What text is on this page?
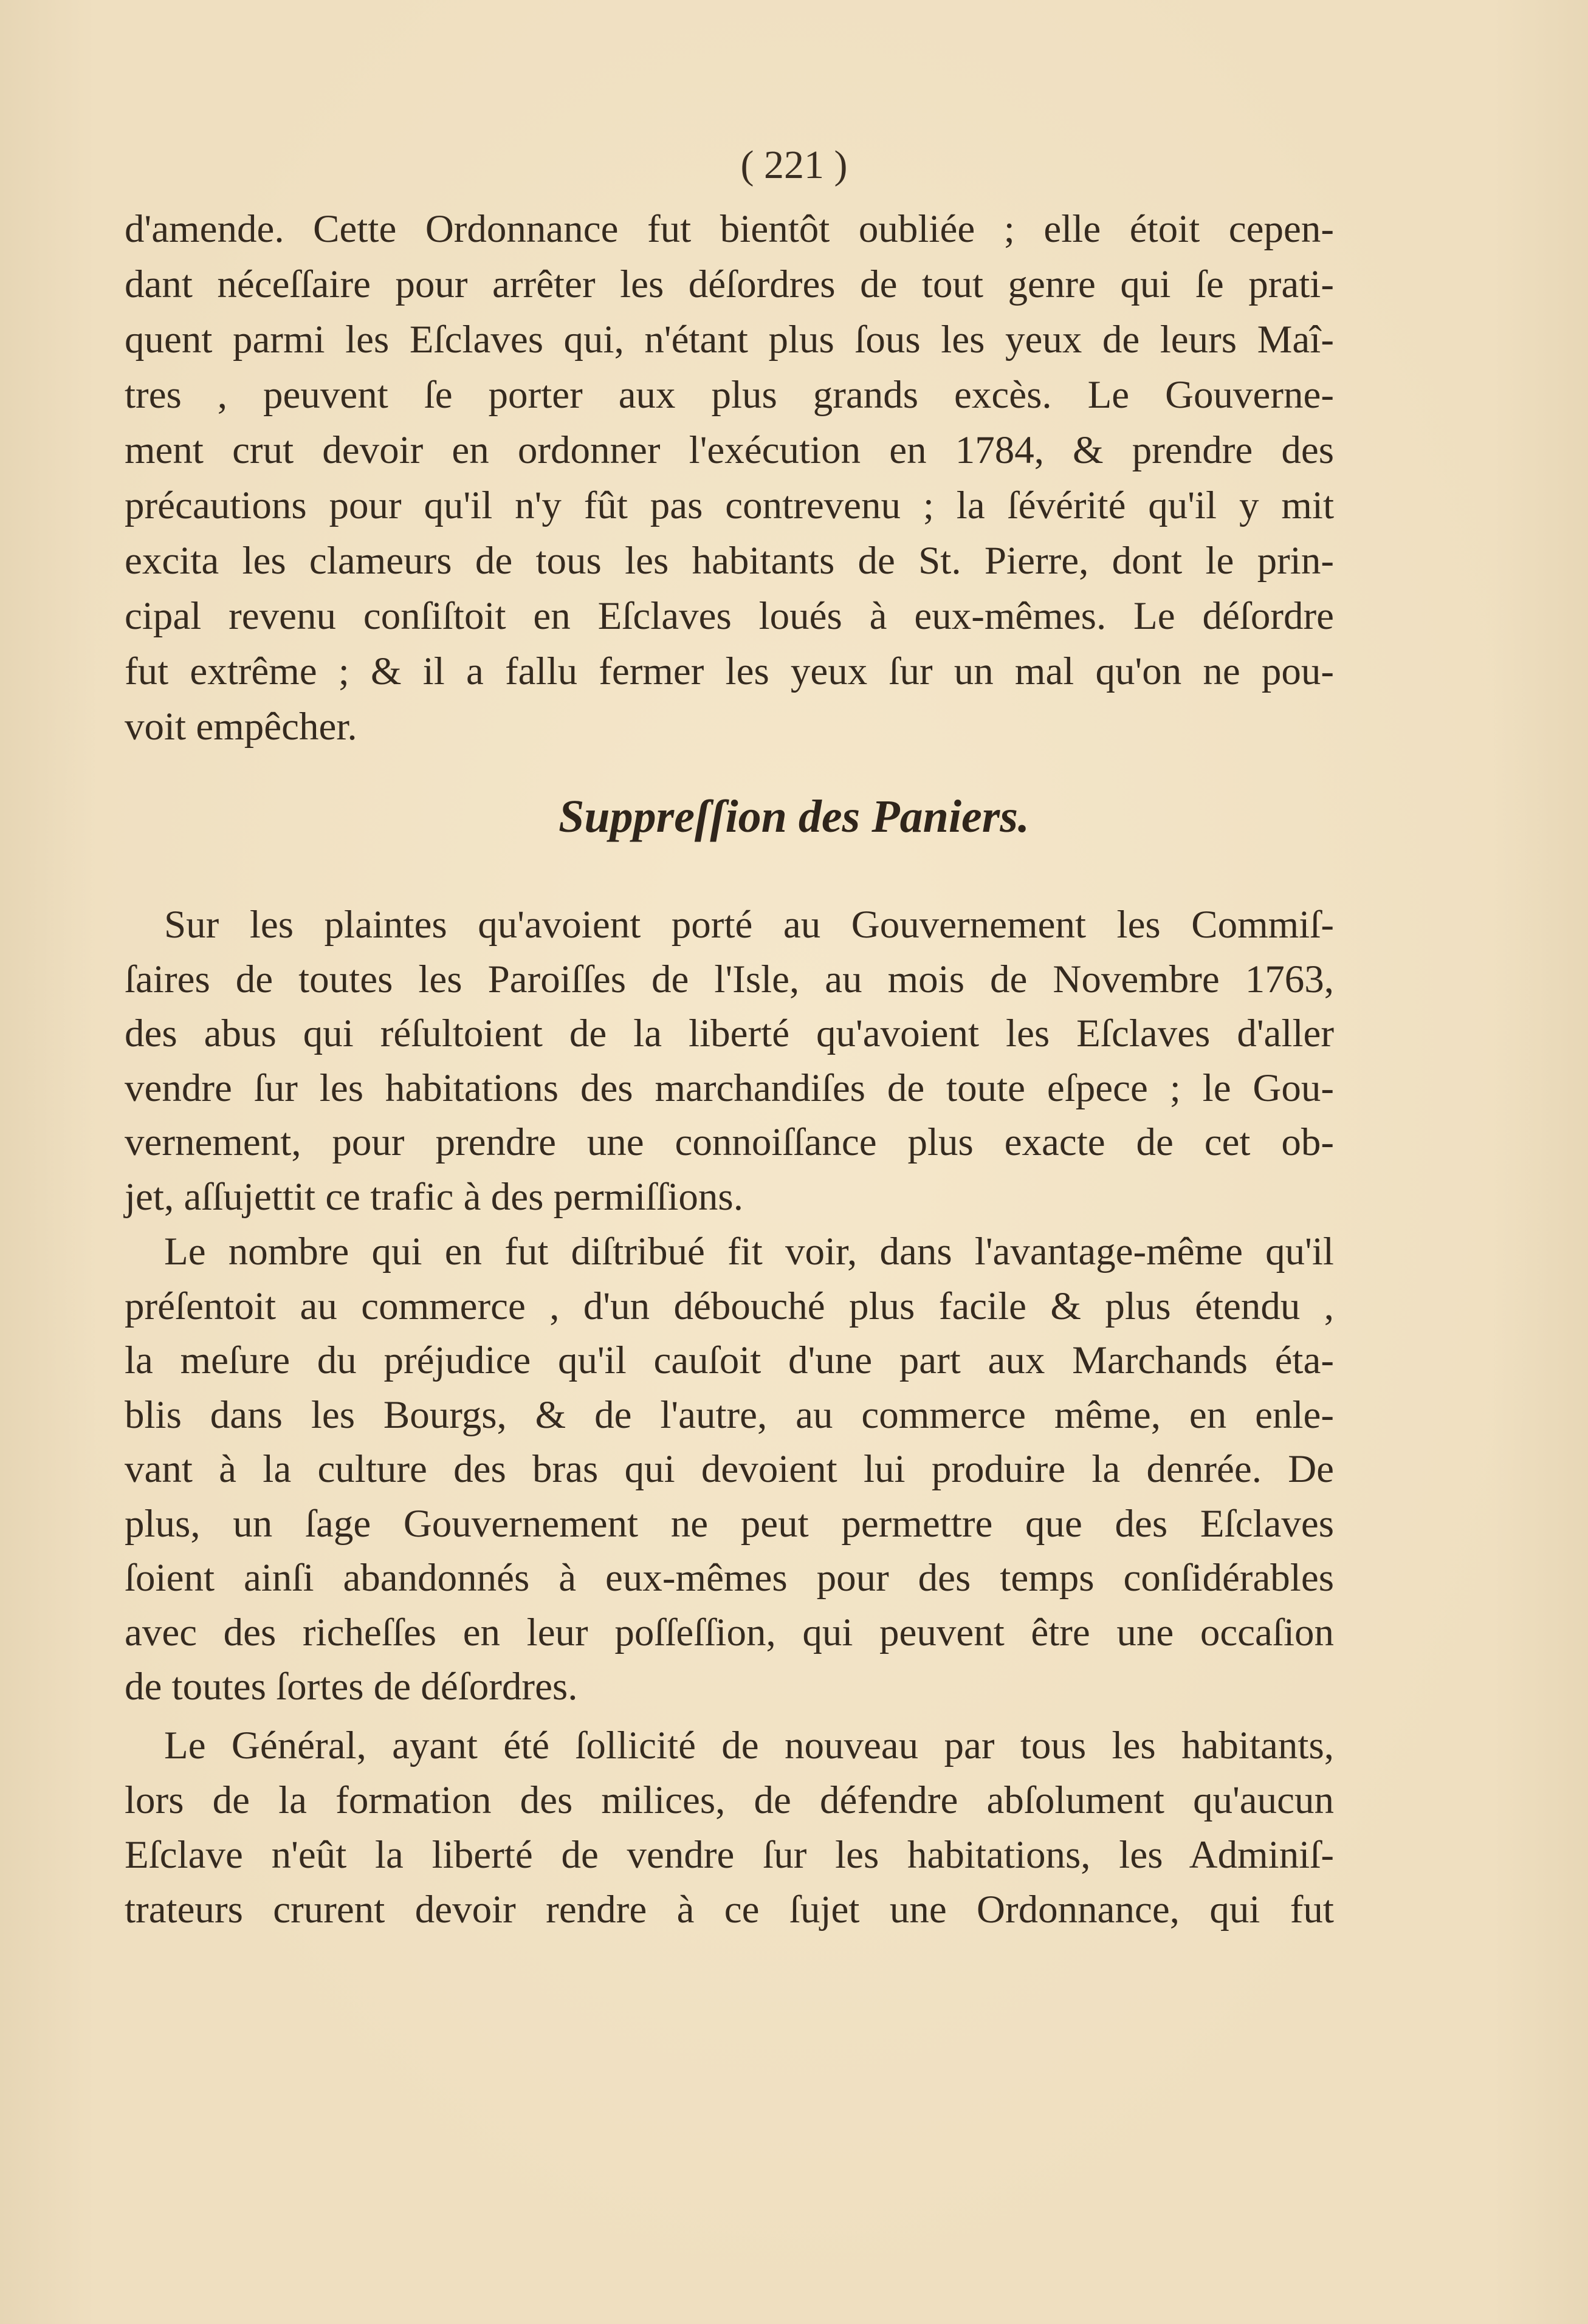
( 221 )

d'amende. Cette Ordonnance fut bientôt oubliée ; elle étoit cepen-
dant néceſſaire pour arrêter les déſordres de tout genre qui ſe prati-
quent parmi les Eſclaves qui, n'étant plus ſous les yeux de leurs Maî-
tres , peuvent ſe porter aux plus grands excès. Le Gouverne-
ment crut devoir en ordonner l'exécution en 1784, & prendre des
précautions pour qu'il n'y fût pas contrevenu ; la ſévérité qu'il y mit
excita les clameurs de tous les habitants de St. Pierre, dont le prin-
cipal revenu conſiſtoit en Eſclaves loués à eux-mêmes. Le déſordre
fut extrême ; & il a fallu fermer les yeux ſur un mal qu'on ne pou-
voit empêcher.

Suppreſſion des Paniers.

Sur les plaintes qu'avoient porté au Gouvernement les Commiſ-
ſaires de toutes les Paroiſſes de l'Isle, au mois de Novembre 1763,
des abus qui réſultoient de la liberté qu'avoient les Eſclaves d'aller
vendre ſur les habitations des marchandiſes de toute eſpece ; le Gou-
vernement, pour prendre une connoiſſance plus exacte de cet ob-
jet, aſſujettit ce trafic à des permiſſions.

Le nombre qui en fut diſtribué fit voir, dans l'avantage-même qu'il
préſentoit au commerce , d'un débouché plus facile & plus étendu ,
la meſure du préjudice qu'il cauſoit d'une part aux Marchands éta-
blis dans les Bourgs, & de l'autre, au commerce même, en enle-
vant à la culture des bras qui devoient lui produire la denrée. De
plus, un ſage Gouvernement ne peut permettre que des Eſclaves
ſoient ainſi abandonnés à eux-mêmes pour des temps conſidérables
avec des richeſſes en leur poſſeſſion, qui peuvent être une occaſion
de toutes ſortes de déſordres.

Le Général, ayant été ſollicité de nouveau par tous les habitants,
lors de la formation des milices, de défendre abſolument qu'aucun
Eſclave n'eût la liberté de vendre ſur les habitations, les Adminiſ-
trateurs crurent devoir rendre à ce ſujet une Ordonnance, qui fut
